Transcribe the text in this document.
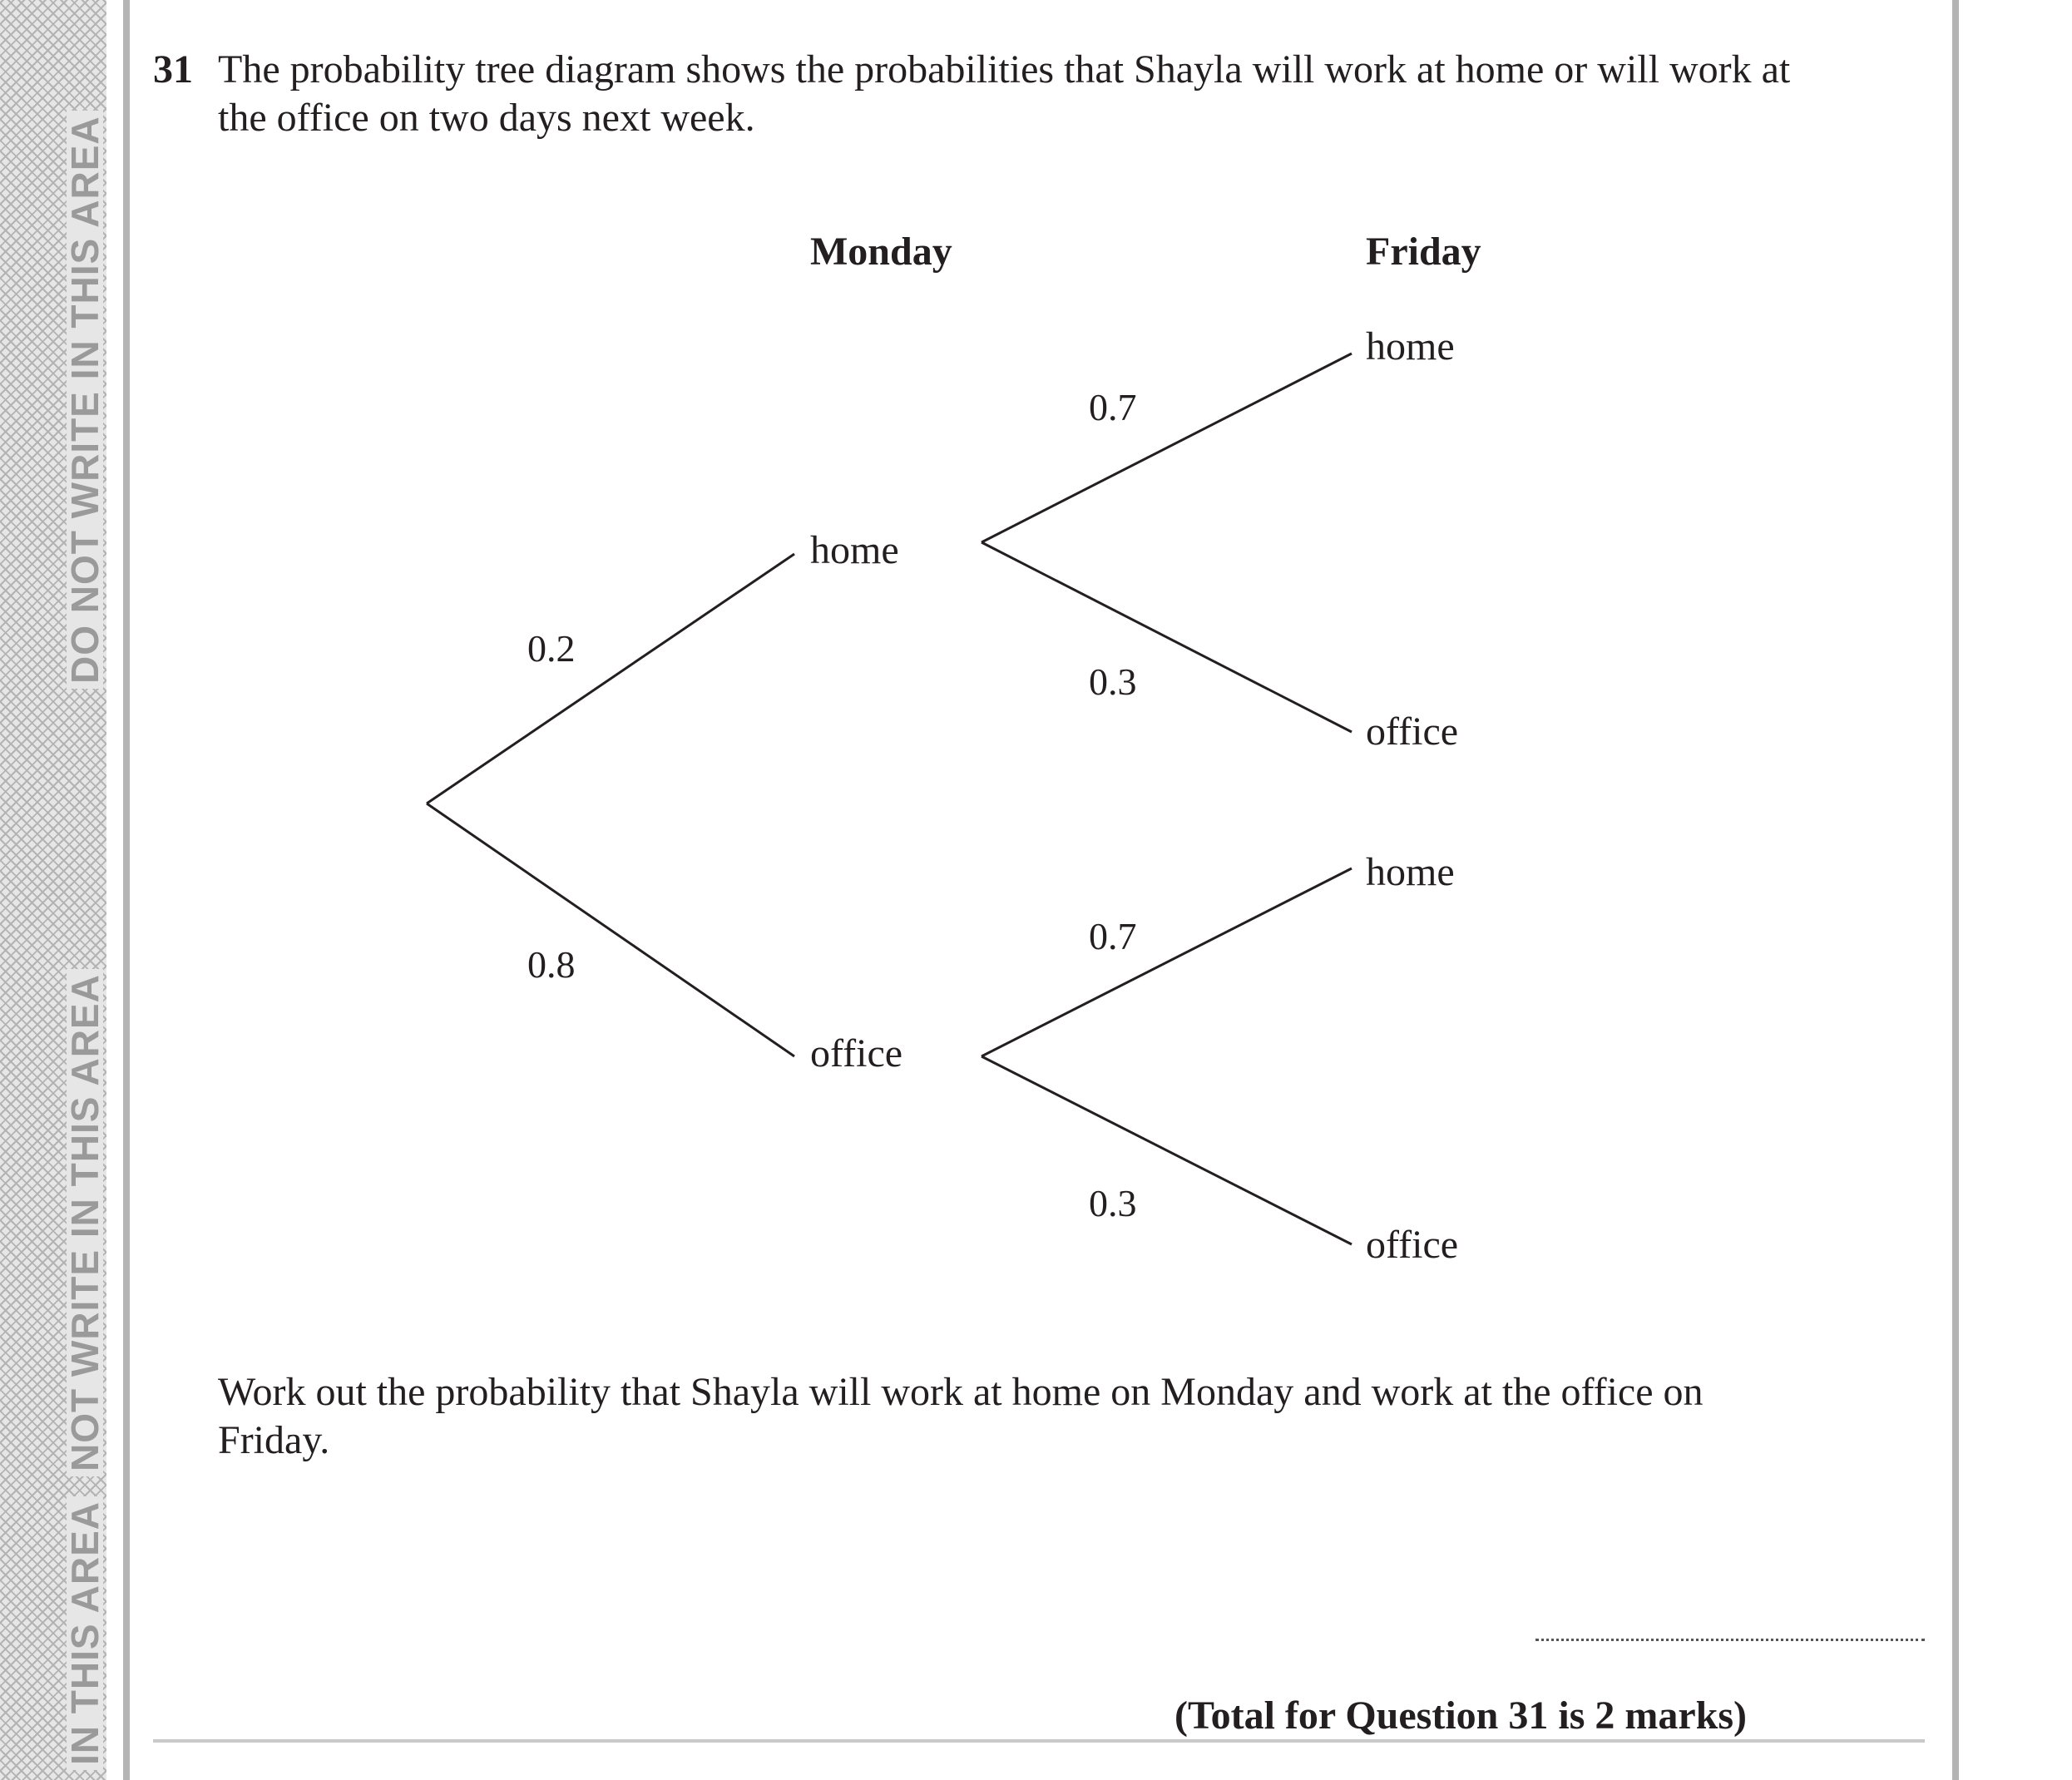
IN THIS AREA
NOT WRITE IN THIS AREA
DO NOT WRITE IN THIS AREA
31 The probability tree diagram shows the probabilities that Shayla will work at home or will work at the office on two days next week.
Monday	Friday
home
office
0.2
0.8
home
office
home
office
0.7
0.3
0.7
0.3
Work out the probability that Shayla will work at home on Monday and work at the office on Friday.
(Total for Question 31 is 2 marks)
